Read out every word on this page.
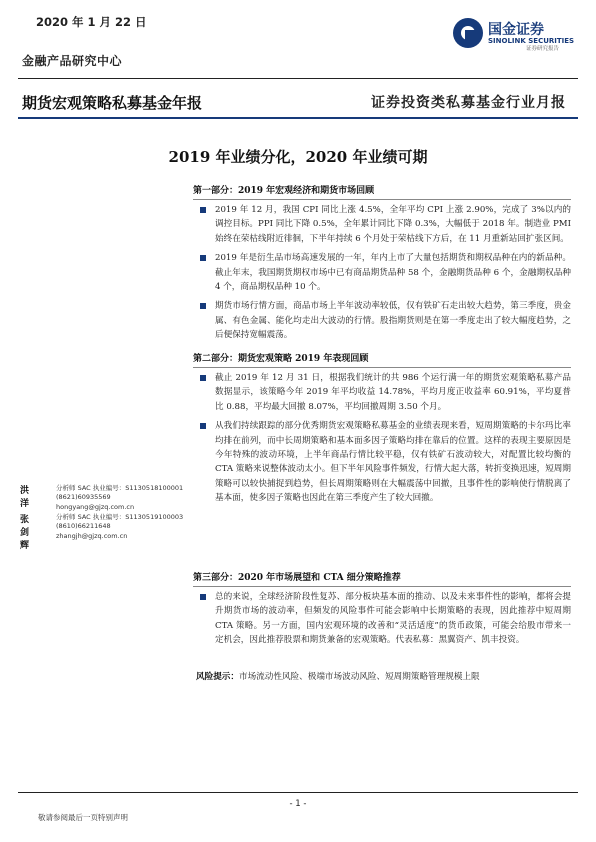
2020 年 1 月 22 日
金融产品研究中心
国金证券
SINOLINK SECURITIES
证券研究报告
期货宏观策略私募基金年报	证券投资类私募基金行业月报
2019 年业绩分化，2020 年业绩可期
第一部分：2019 年宏观经济和期货市场回顾
2019 年 12 月，我国 CPI 同比上涨 4.5%，全年平均 CPI 上涨 2.90%，完成了 3%以内的调控目标。PPI 同比下降 0.5%，全年累计同比下降 0.3%，大幅低于 2018 年。制造业 PMI 始终在荣枯线附近徘徊，下半年持续 6 个月处于荣枯线下方后，在 11 月重新站回扩张区间。
2019 年是衍生品市场高速发展的一年，年内上市了大量包括期货和期权品种在内的新品种。截止年末，我国期货期权市场中已有商品期货品种 58 个，金融期货品种 6 个，金融期权品种 4 个，商品期权品种 10 个。
期货市场行情方面，商品市场上半年波动率较低，仅有铁矿石走出较大趋势，第三季度，贵金属、有色金属、能化均走出大波动的行情。股指期货则是在第一季度走出了较大幅度趋势，之后便保持宽幅震荡。
第二部分：期货宏观策略 2019 年表现回顾
截止 2019 年 12 月 31 日，根据我们统计的共 986 个运行满一年的期货宏观策略私募产品数据显示，该策略今年 2019 年平均收益 14.78%，平均月度正收益率 60.91%，平均夏普比 0.88，平均最大回撤 8.07%，平均回撤周期 3.50 个月。
从我们持续跟踪的部分优秀期货宏观策略私募基金的业绩表现来看，短周期策略的卡尔玛比率均排在前列，而中长周期策略和基本面多因子策略均排在靠后的位置。这样的表现主要原因是今年特殊的波动环境，上半年商品行情比较平稳，仅有铁矿石波动较大，对配置比较均衡的 CTA 策略来说整体波动太小。但下半年风险事件频发，行情大起大落，转折变换迅速，短周期策略可以较快捕捉到趋势，但长周期策略则在大幅震荡中回撤，且事件性的影响使行情脱离了基本面，使多因子策略也因此在第三季度产生了较大回撤。
洪洋
分析师 SAC 执业编号：S1130518100001
(8621)60935569
hongyang@gjzq.com.cn
张剑辉
分析师 SAC 执业编号：S1130519100003
(8610)66211648
zhangjh@gjzq.com.cn
第三部分：2020 年市场展望和 CTA 细分策略推荐
总的来说，全球经济阶段性复苏、部分板块基本面的推动、以及未来事件性的影响，都将会提升期货市场的波动率，但频发的风险事件可能会影响中长期策略的表现，因此推荐中短周期 CTA 策略。另一方面，国内宏观环境的改善和“灵活适度”的货币政策，可能会给股市带来一定机会，因此推荐股票和期货兼备的宏观策略。代表私募：黑翼资产、凯丰投资。
风险提示：市场流动性风险、极端市场波动风险、短周期策略管理规模上限
- 1 -
敬请参阅最后一页特别声明
